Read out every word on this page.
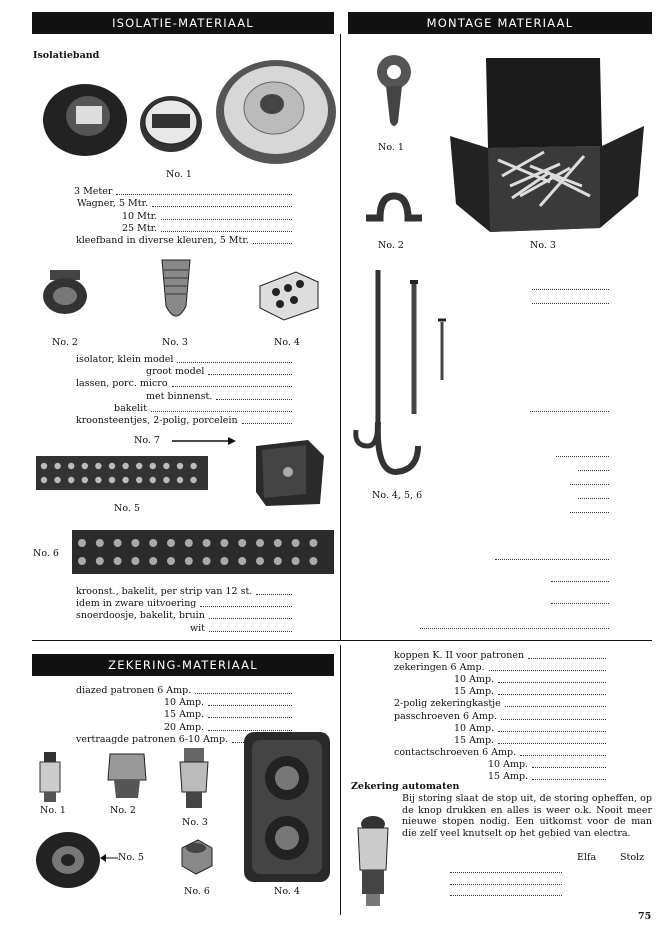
ISOLATIE-MATERIAAL	MONTAGE MATERIAAL
ZEKERING-MATERIAAL
Isolatieband
No. 1
3 Meter
Wagner, 5 Mtr.
10 Mtr.
25 Mtr.
kleefband in diverse kleuren, 5 Mtr.
No. 2	No. 3	No. 4
isolator, klein model
groot model
lassen, porc. micro
met binnenst.
bakelit
kroonsteentjes, 2-polig, porcelein
No. 7
No. 5
No. 6
kroonst., bakelit, per strip van 12 st.
idem in zware uitvoering
snoerdoosje, bakelit, bruin
wit
No. 1
No. 2	No. 3
No. 4, 5, 6
diazed patronen 6 Amp.
10 Amp.
15 Amp.
20 Amp.
vertraagde patronen 6-10 Amp.
No. 1	No. 2
No. 3
No. 5
No. 6	No. 4
koppen K. II voor patronen
zekeringen 6 Amp.
10 Amp.
15 Amp.
2-polig zekeringkastje
passchroeven 6 Amp.
10 Amp.
15 Amp.
contactschroeven 6 Amp.
10 Amp.
15 Amp.
Zekering automaten
Bij storing slaat de stop uit, de storing opheffen, op de knop drukken en alles is weer o.k. Nooit meer nieuwe stopen nodig. Een uitkomst voor de man die zelf veel knutselt op het gebied van electra.
Elfa	Stolz
75
